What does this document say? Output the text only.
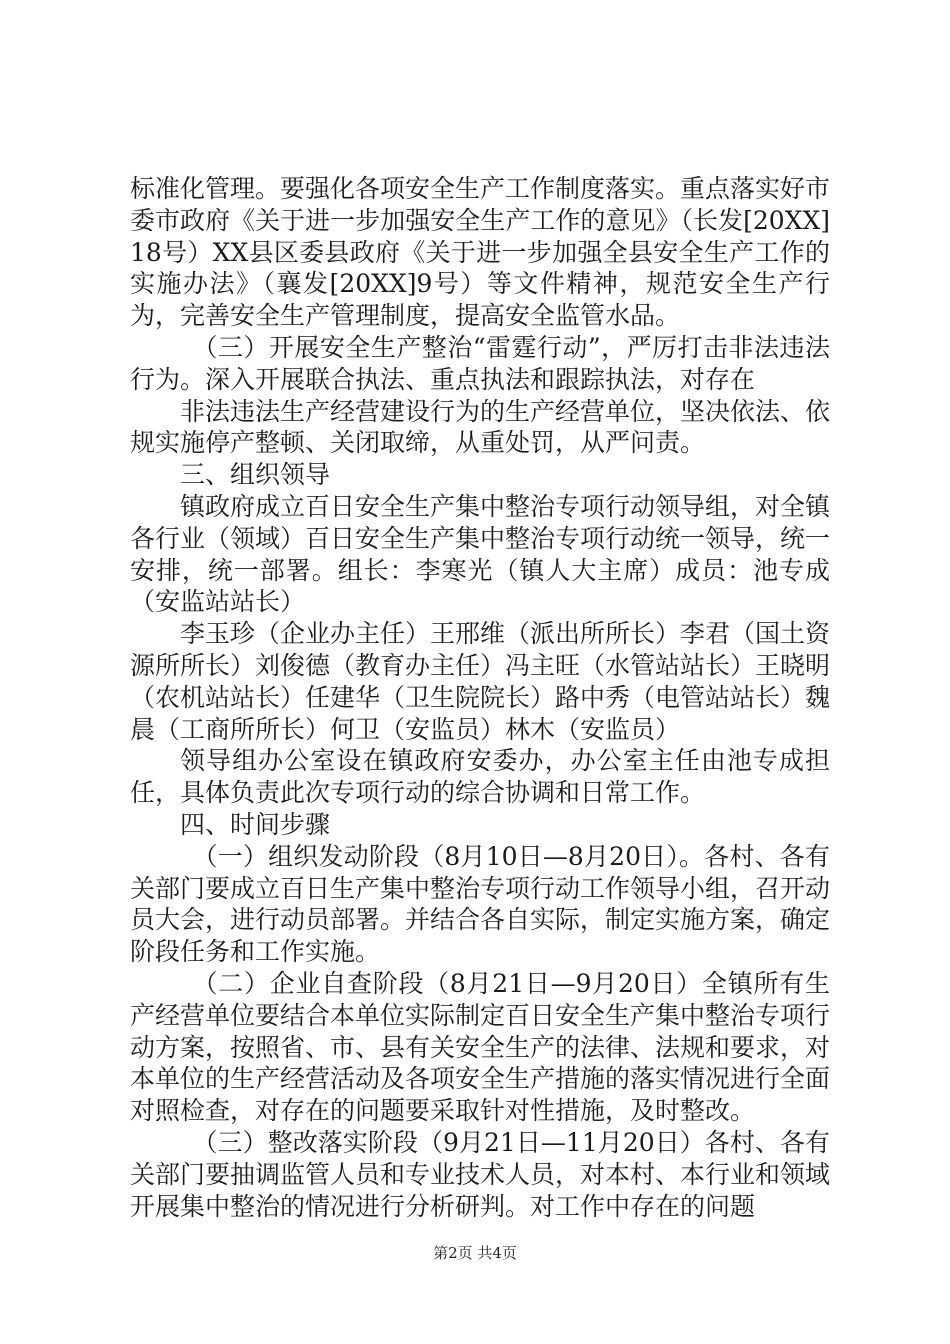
标准化管理。要强化各项安全生产工作制度落实。重点落实好市委市政府《关于进一步加强安全生产工作的意见》（长发[20XX]18号）XX县区委县政府《关于进一步加强全县安全生产工作的实施办法》（襄发[20XX]9号）等文件精神，规范安全生产行为，完善安全生产管理制度，提高安全监管水品。

（三）开展安全生产整治“雷霆行动”，严厉打击非法违法行为。深入开展联合执法、重点执法和跟踪执法，对存在

非法违法生产经营建设行为的生产经营单位，坚决依法、依规实施停产整顿、关闭取缔，从重处罚，从严问责。

三、组织领导

镇政府成立百日安全生产集中整治专项行动领导组，对全镇各行业（领域）百日安全生产集中整治专项行动统一领导，统一安排，统一部署。组长：李寒光（镇人大主席）成员：池专成（安监站站长）

李玉珍（企业办主任）王邢维（派出所所长）李君（国土资源所所长）刘俊德（教育办主任）冯主旺（水管站站长）王晓明（农机站站长）任建华（卫生院院长）路中秀（电管站站长）魏晨（工商所所长）何卫（安监员）林木（安监员）

领导组办公室设在镇政府安委办，办公室主任由池专成担任，具体负责此次专项行动的综合协调和日常工作。

四、时间步骤

（一）组织发动阶段（8月10日—8月20日）。各村、各有关部门要成立百日生产集中整治专项行动工作领导小组，召开动员大会，进行动员部署。并结合各自实际，制定实施方案，确定阶段任务和工作实施。

（二）企业自查阶段（8月21日—9月20日）全镇所有生产经营单位要结合本单位实际制定百日安全生产集中整治专项行动方案，按照省、市、县有关安全生产的法律、法规和要求，对本单位的生产经营活动及各项安全生产措施的落实情况进行全面对照检查，对存在的问题要采取针对性措施，及时整改。

（三）整改落实阶段（9月21日—11月20日）各村、各有关部门要抽调监管人员和专业技术人员，对本村、本行业和领域开展集中整治的情况进行分析研判。对工作中存在的问题

第2页 共4页
